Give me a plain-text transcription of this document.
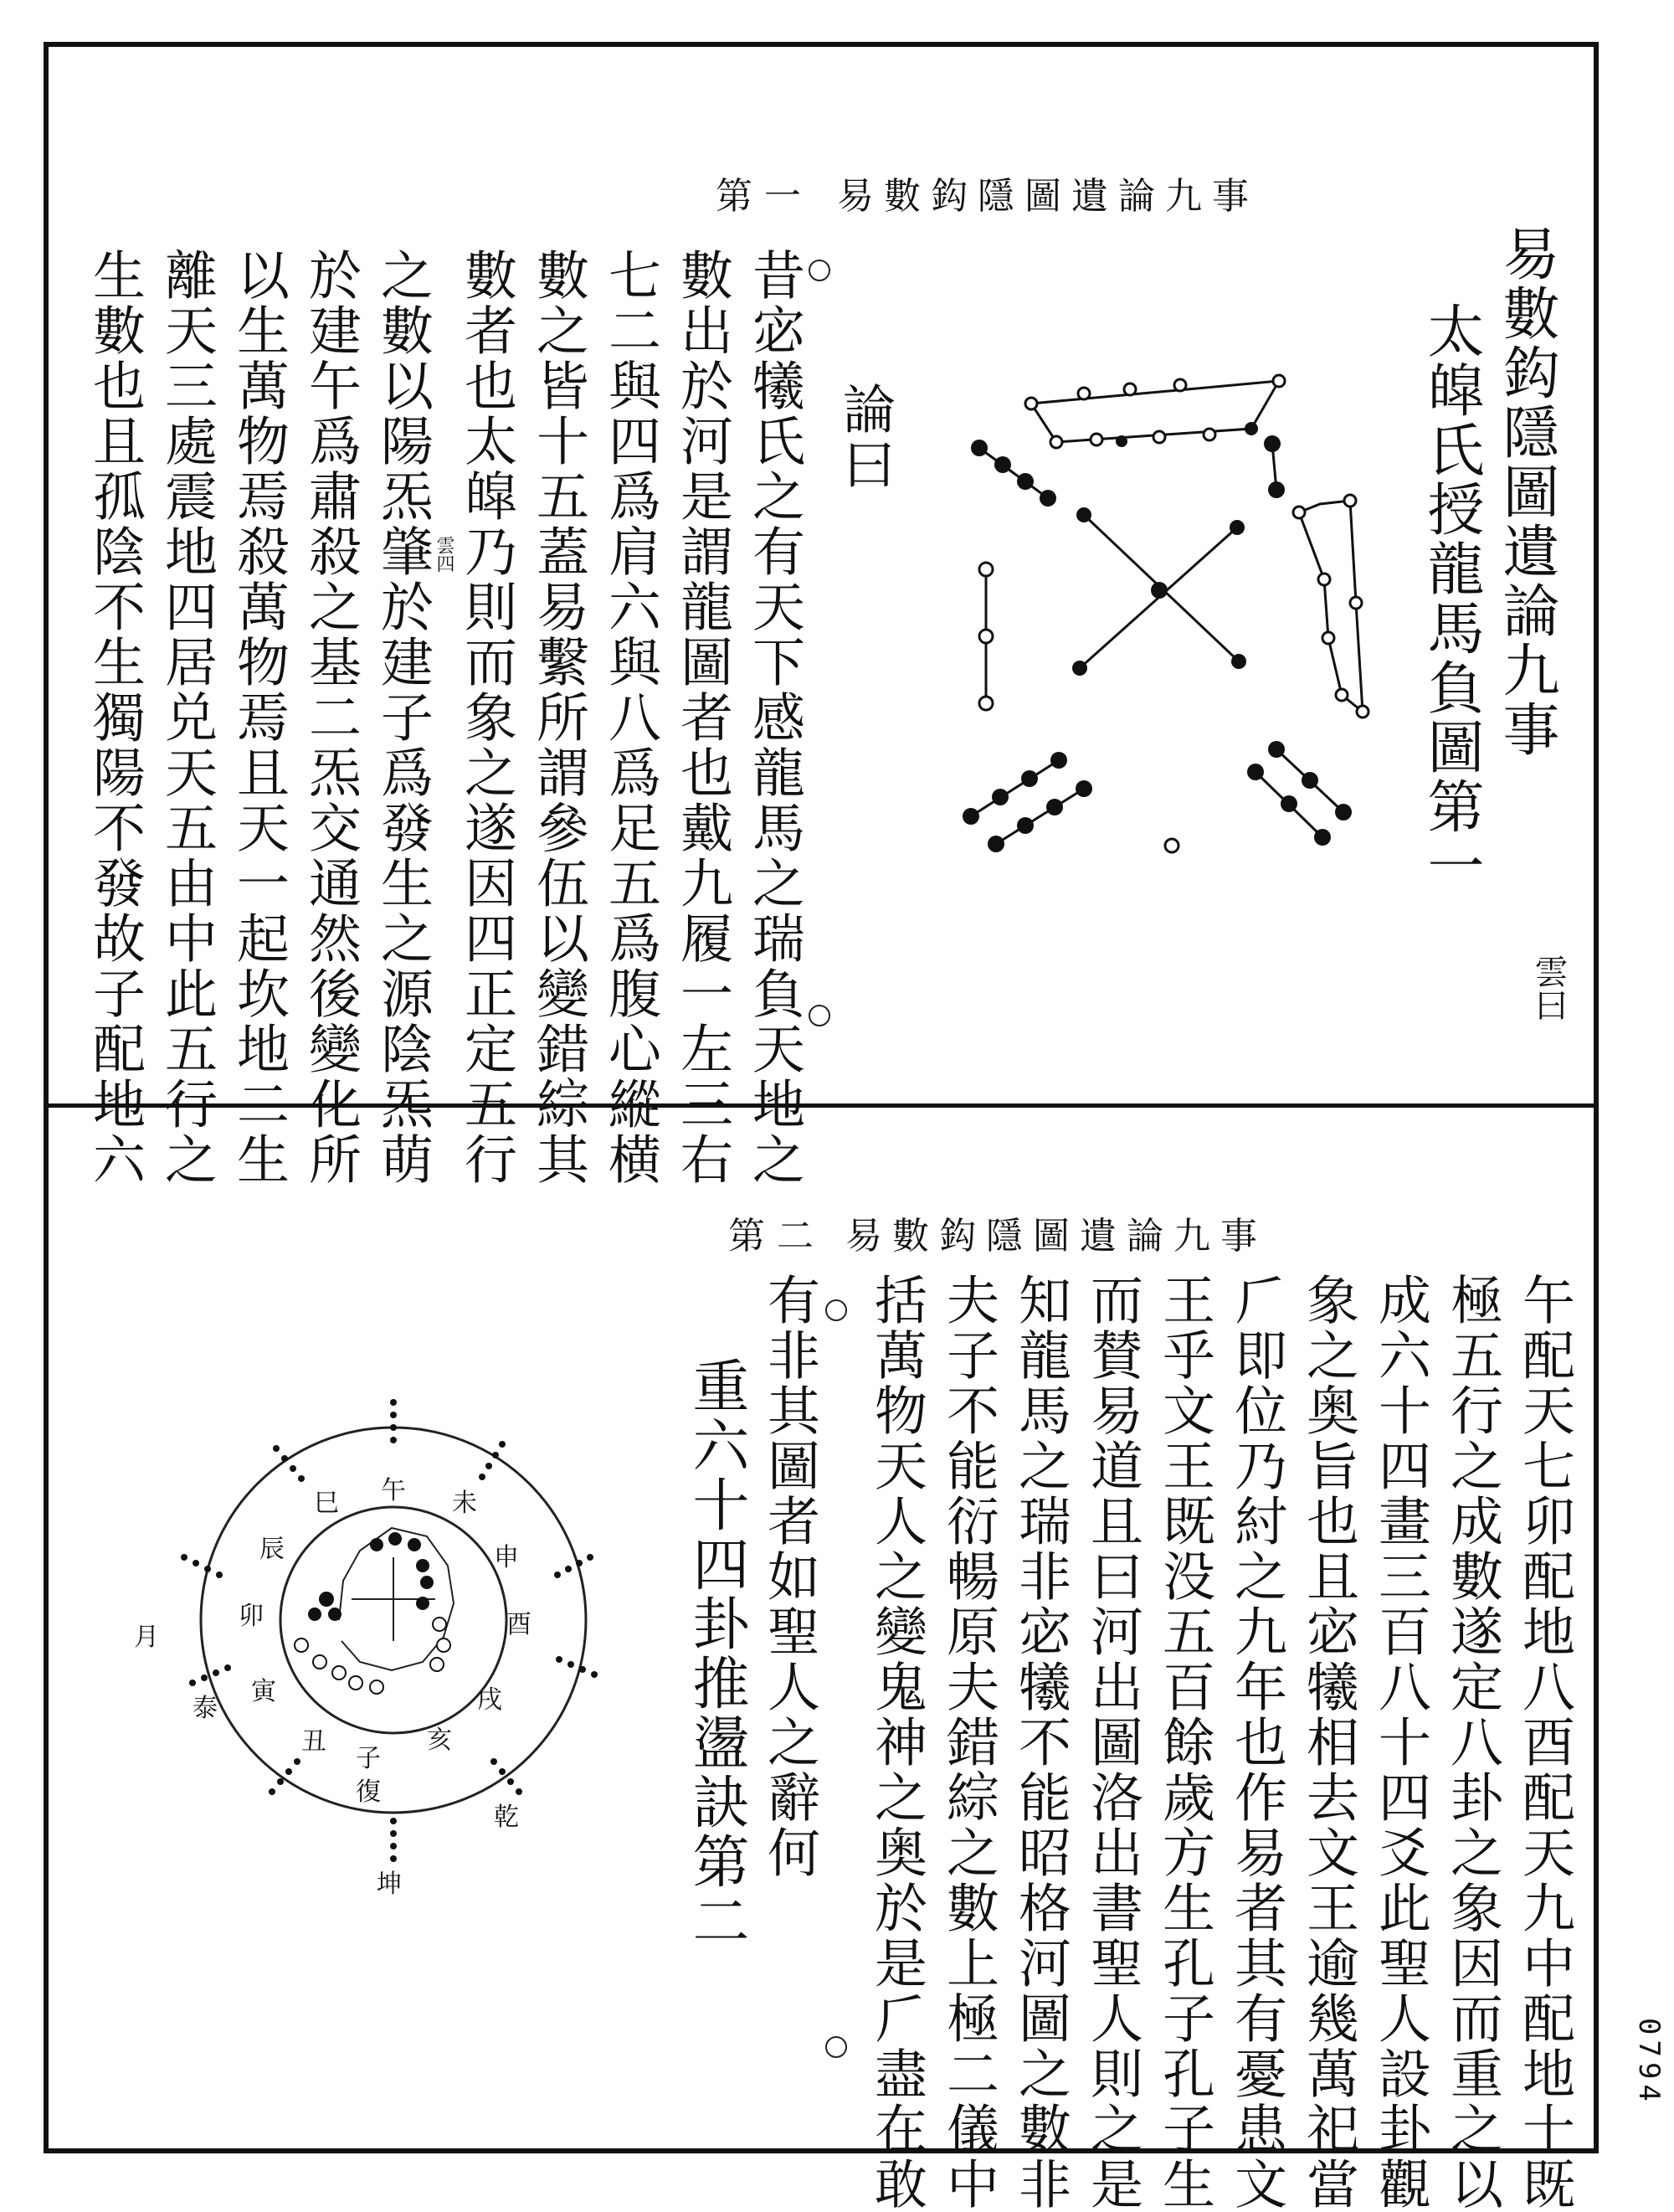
易數鈎隱圖遺論九事
太皡氏授龍馬負圖第一
雲曰
易數鈎隱圖遺論九事
第一
論曰
昔宓犧氏之有天下感龍馬之瑞負天地之
數出於河是謂龍圖者也戴九履一左三右
七二與四爲肩六與八爲足五爲腹心縱横
數之皆十五蓋易繫所謂參伍以變錯綜其
數者也太皡乃則而象之遂因四正定五行
雲四
之數以陽炁肇於建子爲發生之源陰炁萌
於建午爲肅殺之基二炁交通然後變化所
以生萬物焉殺萬物焉且天一起坎地二生
離天三處震地四居兑天五由中此五行之
生數也且孤陰不生獨陽不發故子配地六
易數鈎隱圖遺論九事
第二
午配天七卯配地八酉配天九中配地十既
極五行之成數遂定八卦之象因而重之以
成六十四畫三百八十四爻此聖人設卦觀
象之奥旨也且宓犧相去文王逾幾萬祀當
𠂆即位乃紂之九年也作易者其有憂患文
王乎文王既没五百餘歲方生孔子孔子生
而賛易道且曰河出圖洛出書聖人則之是
知龍馬之瑞非宓犧不能昭格河圖之數非
夫子不能衍暢原夫錯綜之數上極二儀中
括萬物天人之變鬼神之奥於是𠂆盡在敢
有非其圖者如聖人之辭何
重六十四卦推盪訣第二
午 未
申
酉
戌
亥
子
復
丑
寅
卯
辰
巳
泰
乾
坤
月
0794
